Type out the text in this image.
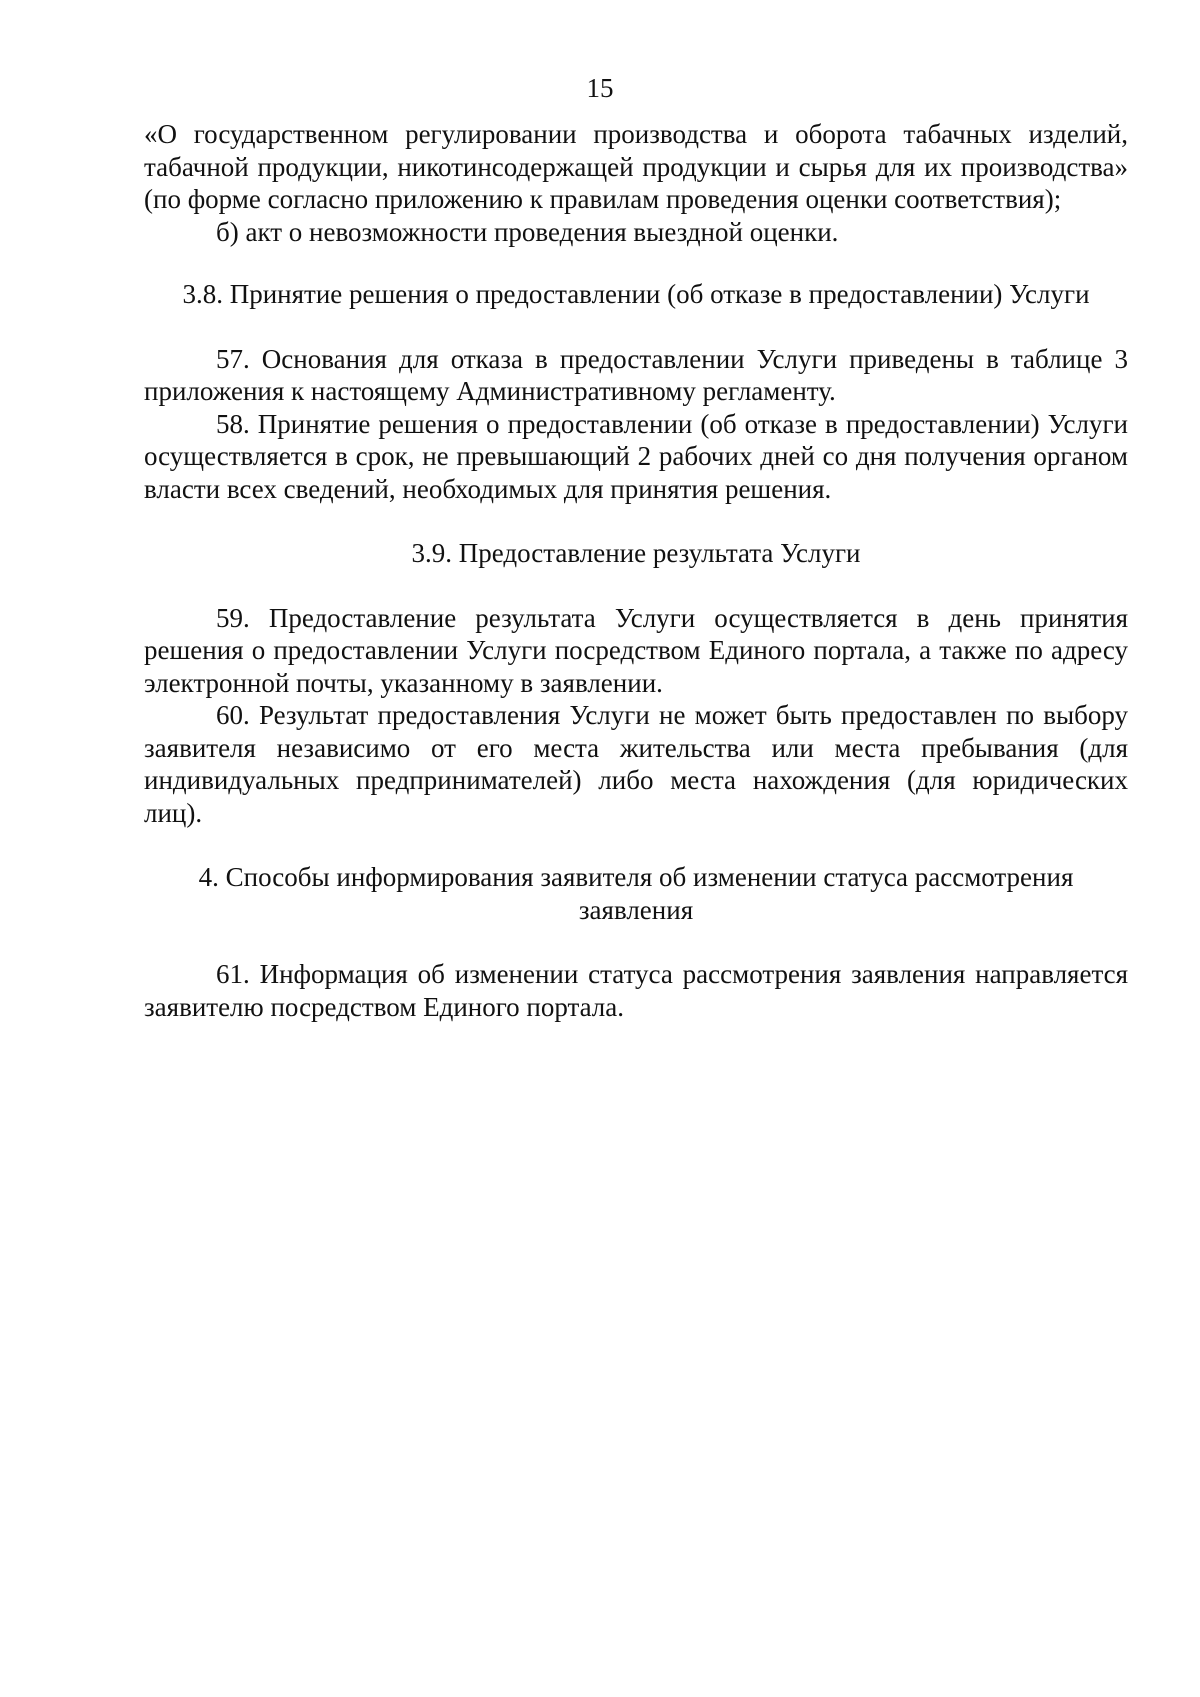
15

«О государственном регулировании производства и оборота табачных изделий, табачной продукции, никотинсодержащей продукции и сырья для их производства» (по форме согласно приложению к правилам проведения оценки соответствия);

б) акт о невозможности проведения выездной оценки.

3.8. Принятие решения о предоставлении (об отказе в предоставлении) Услуги

57. Основания для отказа в предоставлении Услуги приведены в таблице 3 приложения к настоящему Административному регламенту.

58. Принятие решения о предоставлении (об отказе в предоставлении) Услуги осуществляется в срок, не превышающий 2 рабочих дней со дня получения органом власти всех сведений, необходимых для принятия решения.

3.9. Предоставление результата Услуги

59. Предоставление результата Услуги осуществляется в день принятия решения о предоставлении Услуги посредством Единого портала, а также по адресу электронной почты, указанному в заявлении.

60. Результат предоставления Услуги не может быть предоставлен по выбору заявителя независимо от его места жительства или места пребывания (для индивидуальных предпринимателей) либо места нахождения (для юридических лиц).

4. Способы информирования заявителя об изменении статуса рассмотрения заявления

61. Информация об изменении статуса рассмотрения заявления направляется заявителю посредством Единого портала.
